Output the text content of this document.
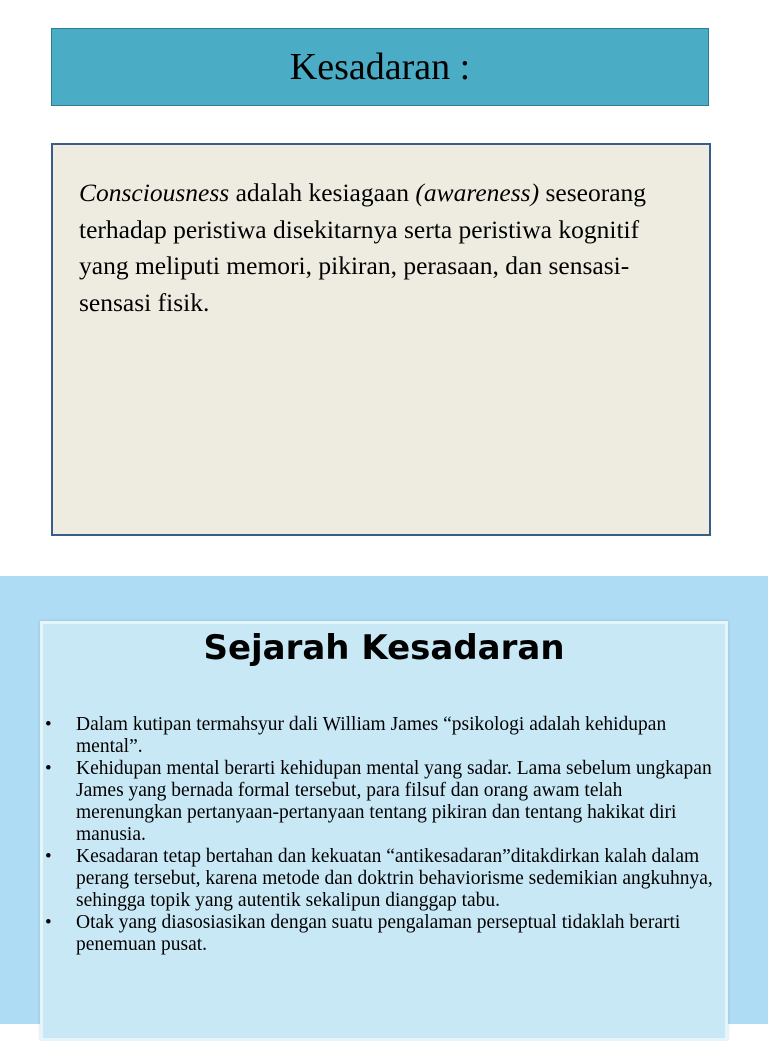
Kesadaran :

Consciousness adalah kesiagaan (awareness) seseorang terhadap peristiwa disekitarnya serta peristiwa kognitif yang meliputi memori, pikiran, perasaan, dan sensasi-sensasi fisik.

Sejarah Kesadaran
• Dalam kutipan termahsyur dali William James “psikologi adalah kehidupan mental”.
• Kehidupan mental berarti kehidupan mental yang sadar. Lama sebelum ungkapan James yang bernada formal tersebut, para filsuf dan orang awam telah merenungkan pertanyaan-pertanyaan tentang pikiran dan tentang hakikat diri manusia.
• Kesadaran tetap bertahan dan kekuatan “antikesadaran”ditakdirkan kalah dalam perang tersebut, karena metode dan doktrin behaviorisme sedemikian angkuhnya, sehingga topik yang autentik sekalipun dianggap tabu.
• Otak yang diasosiasikan dengan suatu pengalaman perseptual tidaklah berarti penemuan pusat.
